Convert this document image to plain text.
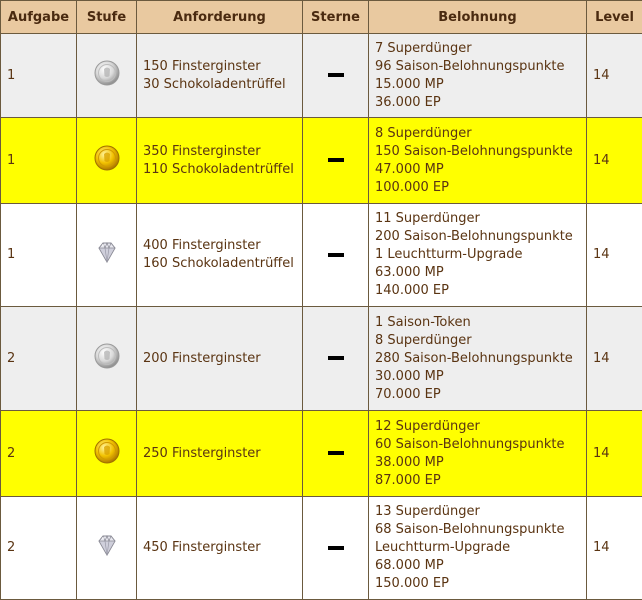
Aufgabe	Stufe	Anforderung	Sterne	Belohnung	Level
1		150 Finsterginster
30 Schokoladentrüffel		7 Superdünger
96 Saison-Belohnungspunkte
15.000 MP
36.000 EP	14
1		350 Finsterginster
110 Schokoladentrüffel		8 Superdünger
150 Saison-Belohnungspunkte
47.000 MP
100.000 EP	14
1		400 Finsterginster
160 Schokoladentrüffel		11 Superdünger
200 Saison-Belohnungspunkte
1 Leuchtturm-Upgrade
63.000 MP
140.000 EP	14
2		200 Finsterginster		1 Saison-Token
8 Superdünger
280 Saison-Belohnungspunkte
30.000 MP
70.000 EP	14
2		250 Finsterginster		12 Superdünger
60 Saison-Belohnungspunkte
38.000 MP
87.000 EP	14
2		450 Finsterginster		13 Superdünger
68 Saison-Belohnungspunkte
Leuchtturm-Upgrade
68.000 MP
150.000 EP	14
